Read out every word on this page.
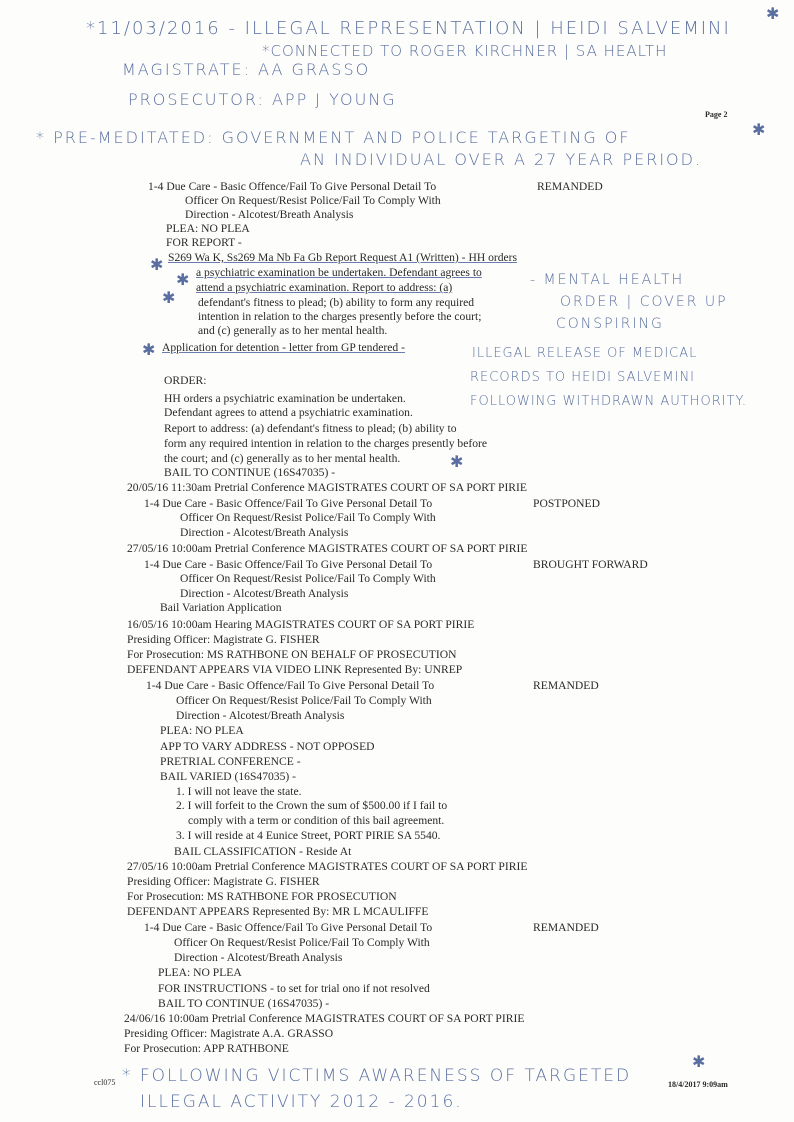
*11/03/2016 - ILLEGAL REPRESENTATION | HEIDI SALVEMINI
*CONNECTED TO ROGER KIRCHNER | SA HEALTH
MAGISTRATE: AA GRASSO
PROSECUTOR: APP J YOUNG
* PRE-MEDITATED: GOVERNMENT AND POLICE TARGETING OF
AN INDIVIDUAL OVER A 27 YEAR PERIOD.
Page 2
1-4 Due Care - Basic Offence/Fail To Give Personal Detail To
Officer On Request/Resist Police/Fail To Comply With
Direction - Alcotest/Breath Analysis
PLEA: NO PLEA
FOR REPORT -
S269 Wa K, Ss269 Ma Nb Fa Gb Report Request A1 (Written) - HH orders
a psychiatric examination be undertaken. Defendant agrees to
attend a psychiatric examination. Report to address: (a)
defendant's fitness to plead; (b) ability to form any required
intention in relation to the charges presently before the court;
and (c) generally as to her mental health.
Application for detention - letter from GP tendered -
ORDER:
HH orders a psychiatric examination be undertaken.
Defendant agrees to attend a psychiatric examination.
Report to address: (a) defendant's fitness to plead; (b) ability to
form any required intention in relation to the charges presently before
the court; and (c) generally as to her mental health.
BAIL TO CONTINUE (16S47035) -
20/05/16 11:30am Pretrial Conference MAGISTRATES COURT OF SA PORT PIRIE
1-4 Due Care - Basic Offence/Fail To Give Personal Detail To
Officer On Request/Resist Police/Fail To Comply With
Direction - Alcotest/Breath Analysis
27/05/16 10:00am Pretrial Conference MAGISTRATES COURT OF SA PORT PIRIE
1-4 Due Care - Basic Offence/Fail To Give Personal Detail To
Officer On Request/Resist Police/Fail To Comply With
Direction - Alcotest/Breath Analysis
Bail Variation Application
16/05/16 10:00am Hearing MAGISTRATES COURT OF SA PORT PIRIE
Presiding Officer: Magistrate G. FISHER
For Prosecution: MS RATHBONE ON BEHALF OF PROSECUTION
DEFENDANT APPEARS VIA VIDEO LINK Represented By: UNREP
1-4 Due Care - Basic Offence/Fail To Give Personal Detail To
Officer On Request/Resist Police/Fail To Comply With
Direction - Alcotest/Breath Analysis
PLEA: NO PLEA
APP TO VARY ADDRESS - NOT OPPOSED
PRETRIAL CONFERENCE -
BAIL VARIED (16S47035) -
1. I will not leave the state.
2. I will forfeit to the Crown the sum of $500.00 if I fail to
comply with a term or condition of this bail agreement.
3. I will reside at 4 Eunice Street, PORT PIRIE SA 5540.
BAIL CLASSIFICATION - Reside At
27/05/16 10:00am Pretrial Conference MAGISTRATES COURT OF SA PORT PIRIE
Presiding Officer: Magistrate G. FISHER
For Prosecution: MS RATHBONE FOR PROSECUTION
DEFENDANT APPEARS Represented By: MR L MCAULIFFE
1-4 Due Care - Basic Offence/Fail To Give Personal Detail To
Officer On Request/Resist Police/Fail To Comply With
Direction - Alcotest/Breath Analysis
PLEA: NO PLEA
FOR INSTRUCTIONS - to set for trial ono if not resolved
BAIL TO CONTINUE (16S47035) -
24/06/16 10:00am Pretrial Conference MAGISTRATES COURT OF SA PORT PIRIE
Presiding Officer: Magistrate A.A. GRASSO
For Prosecution: APP RATHBONE
REMANDED
POSTPONED
BROUGHT FORWARD
REMANDED
REMANDED
- MENTAL HEALTH
ORDER | COVER UP
CONSPIRING
ILLEGAL RELEASE OF MEDICAL
RECORDS TO HEIDI SALVEMINI
FOLLOWING WITHDRAWN AUTHORITY.
✱
✱
✱
✱
✱
✱
✱
✱
ccl075 * FOLLOWING VICTIMS AWARENESS OF TARGETED
ILLEGAL ACTIVITY 2012 - 2016.
18/4/2017 9:09am
